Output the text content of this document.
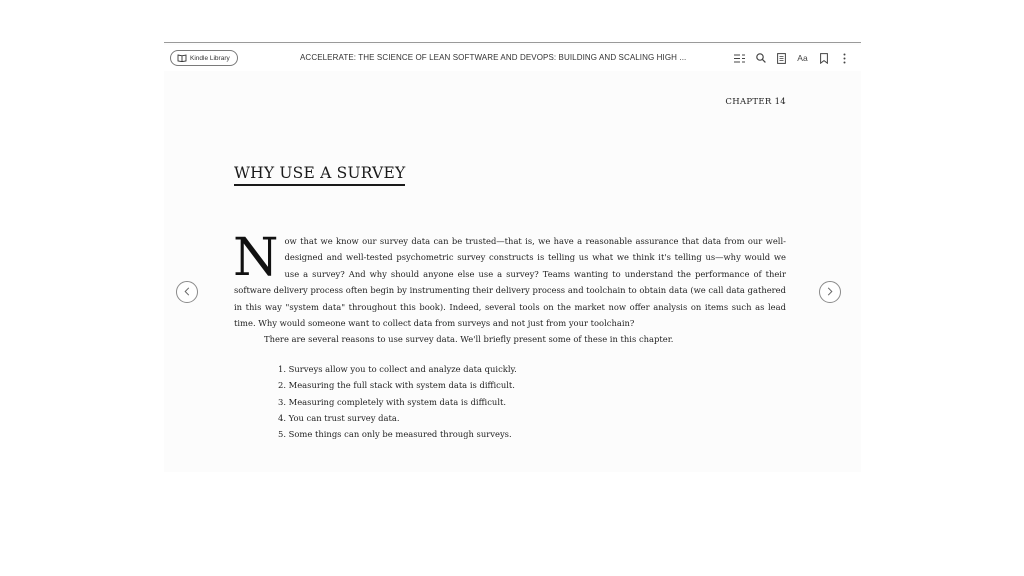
Kindle Library	ACCELERATE: THE SCIENCE OF LEAN SOFTWARE AND DEVOPS: BUILDING AND SCALING HIGH ...	Aa
CHAPTER 14
WHY USE A SURVEY

Now that we know our survey data can be trusted—that is, we have a reasonable assurance that data from our well-designed and well-tested psychometric survey constructs is telling us what we think it's telling us—why would we use a survey? And why should anyone else use a survey? Teams wanting to understand the performance of their software delivery process often begin by instrumenting their delivery process and toolchain to obtain data (we call data gathered in this way "system data" throughout this book). Indeed, several tools on the market now offer analysis on items such as lead time. Why would someone want to collect data from surveys and not just from your toolchain?

There are several reasons to use survey data. We'll briefly present some of these in this chapter.

1. Surveys allow you to collect and analyze data quickly.
2. Measuring the full stack with system data is difficult.
3. Measuring completely with system data is difficult.
4. You can trust survey data.
5. Some things can only be measured through surveys.
